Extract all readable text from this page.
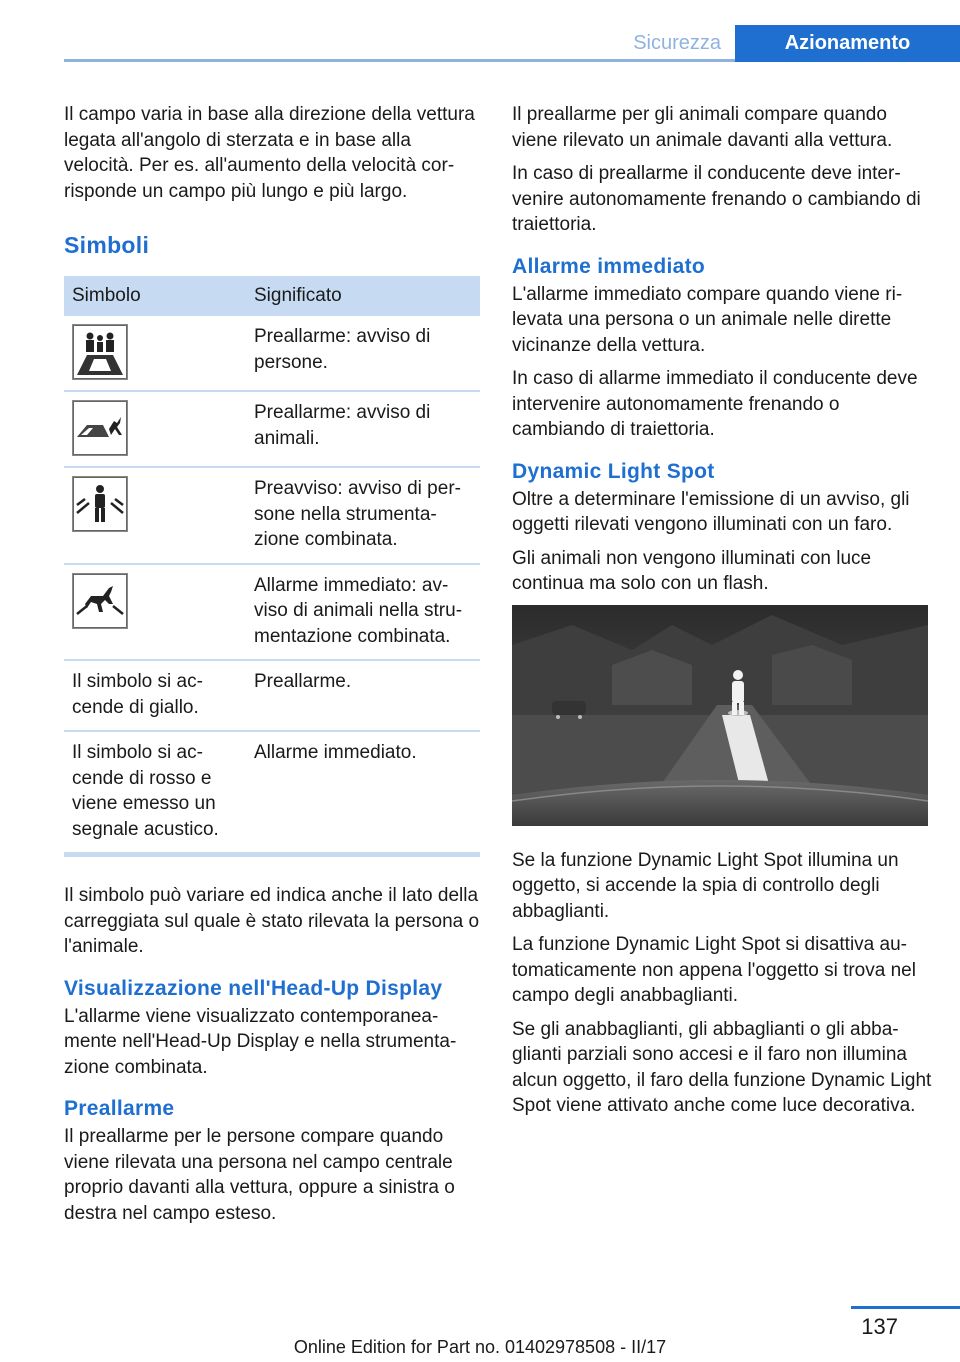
Sicurezza	Azionamento

Il campo varia in base alla direzione della vettura legata all'angolo di sterzata e in base alla velocità. Per es. all'aumento della velocità corrisponde un campo più lungo e più largo.

Simboli
Simbolo	Significato

	Preallarme: avviso di persone.

	Preallarme: avviso di animali.

	Preavviso: avviso di persone nella strumentazione combinata.

	Allarme immediato: avviso di animali nella strumentazione combinata.
Il simbolo si accende di giallo.	Preallarme.
Il simbolo si accende di rosso e viene emesso un segnale acustico.	Allarme immediato.

Il simbolo può variare ed indica anche il lato della carreggiata sul quale è stato rilevata la persona o l'animale.

Visualizzazione nell'Head-Up Display

L'allarme viene visualizzato contemporaneamente nell'Head-Up Display e nella strumentazione combinata.

Preallarme

Il preallarme per le persone compare quando viene rilevata una persona nel campo centrale proprio davanti alla vettura, oppure a sinistra o destra nel campo esteso.

Il preallarme per gli animali compare quando viene rilevato un animale davanti alla vettura.

In caso di preallarme il conducente deve intervenire autonomamente frenando o cambiando di traiettoria.

Allarme immediato

L'allarme immediato compare quando viene rilevata una persona o un animale nelle dirette vicinanze della vettura.

In caso di allarme immediato il conducente deve intervenire autonomamente frenando o cambiando di traiettoria.

Dynamic Light Spot

Oltre a determinare l'emissione di un avviso, gli oggetti rilevati vengono illuminati con un faro.

Gli animali non vengono illuminati con luce continua ma solo con un flash.

Se la funzione Dynamic Light Spot illumina un oggetto, si accende la spia di controllo degli abbaglianti.

La funzione Dynamic Light Spot si disattiva automaticamente non appena l'oggetto si trova nel campo degli anabbaglianti.

Se gli anabbaglianti, gli abbaglianti o gli abbaglianti parziali sono accesi e il faro non illumina alcun oggetto, il faro della funzione Dynamic Light Spot viene attivato anche come luce decorativa.

137
Online Edition for Part no. 01402978508 - II/17
